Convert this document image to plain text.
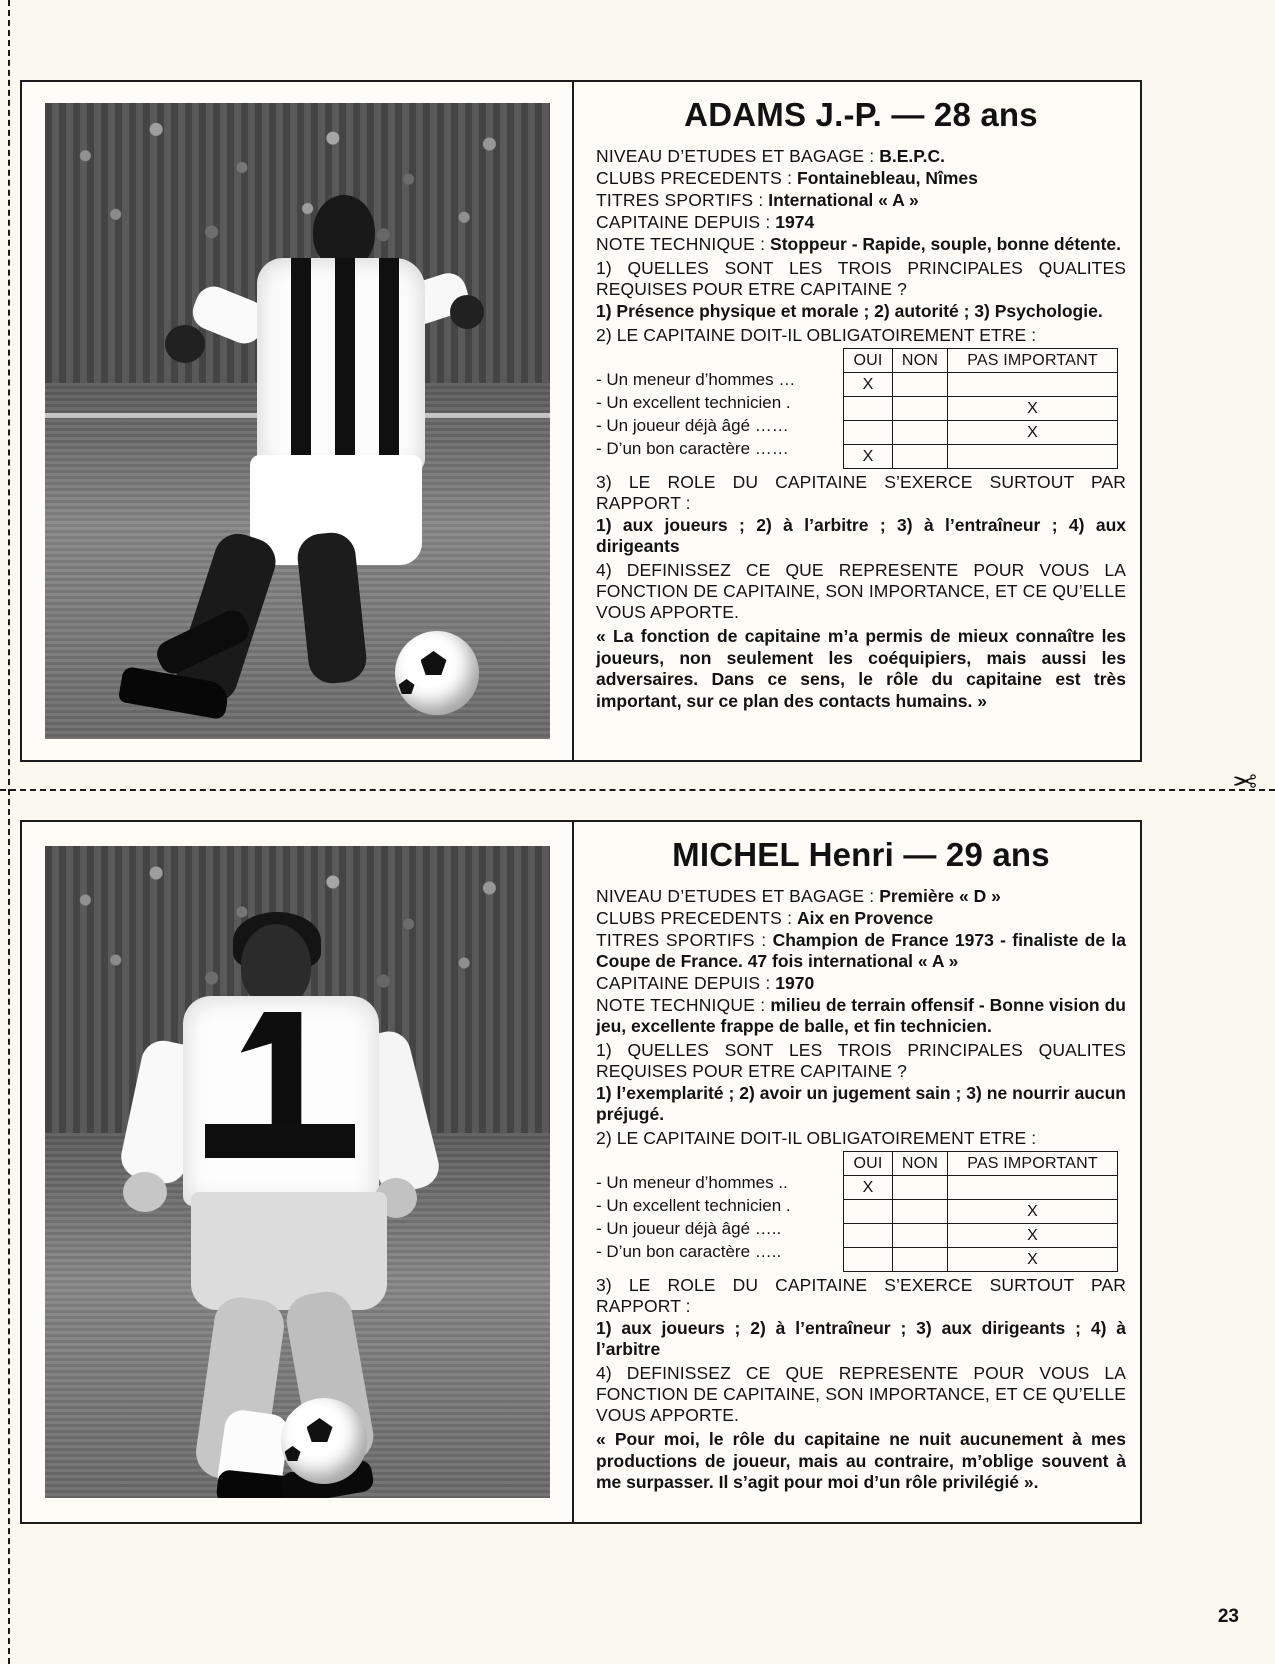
✂
ADAMS J.-P. — 28 ans

NIVEAU D’ETUDES ET BAGAGE : B.E.P.C.

CLUBS PRECEDENTS : Fontainebleau, Nîmes

TITRES SPORTIFS : International « A »

CAPITAINE DEPUIS : 1974

NOTE TECHNIQUE : Stoppeur - Rapide, souple, bonne détente.

1) QUELLES SONT LES TROIS PRINCIPALES QUALITES REQUISES POUR ETRE CAPITAINE ?

1) Présence physique et morale ; 2) autorité ; 3) Psychologie.

2) LE CAPITAINE DOIT-IL OBLIGATOIREMENT ETRE :

- Un meneur d’hommes …
- Un excellent technicien .
- Un joueur déjà âgé ……
- D’un bon caractère ……
OUI	NON	PAS IMPORTANT
X		
		X
		X
X		

3) LE ROLE DU CAPITAINE S’EXERCE SURTOUT PAR RAPPORT :

1) aux joueurs ; 2) à l’arbitre ; 3) à l’entraîneur ; 4) aux dirigeants

4) DEFINISSEZ CE QUE REPRESENTE POUR VOUS LA FONCTION DE CAPITAINE, SON IMPORTANCE, ET CE QU’ELLE VOUS APPORTE.

« La fonction de capitaine m’a permis de mieux connaître les joueurs, non seulement les coéquipiers, mais aussi les adversaires. Dans ce sens, le rôle du capitaine est très important, sur ce plan des contacts humains. »

MICHEL Henri — 29 ans

NIVEAU D’ETUDES ET BAGAGE : Première « D »

CLUBS PRECEDENTS : Aix en Provence

TITRES SPORTIFS : Champion de France 1973 - finaliste de la Coupe de France. 47 fois international « A »

CAPITAINE DEPUIS : 1970

NOTE TECHNIQUE : milieu de terrain offensif - Bonne vision du jeu, excellente frappe de balle, et fin technicien.

1) QUELLES SONT LES TROIS PRINCIPALES QUALITES REQUISES POUR ETRE CAPITAINE ?

1) l’exemplarité ; 2) avoir un jugement sain ; 3) ne nourrir aucun préjugé.

2) LE CAPITAINE DOIT-IL OBLIGATOIREMENT ETRE :

- Un meneur d’hommes ..
- Un excellent technicien .
- Un joueur déjà âgé …..
- D’un bon caractère …..
OUI	NON	PAS IMPORTANT
X		
		X
		X
		X

3) LE ROLE DU CAPITAINE S’EXERCE SURTOUT PAR RAPPORT :

1) aux joueurs ; 2) à l’entraîneur ; 3) aux dirigeants ; 4) à l’arbitre

4) DEFINISSEZ CE QUE REPRESENTE POUR VOUS LA FONCTION DE CAPITAINE, SON IMPORTANCE, ET CE QU’ELLE VOUS APPORTE.

« Pour moi, le rôle du capitaine ne nuit aucunement à mes productions de joueur, mais au contraire, m’oblige souvent à me surpasser. Il s’agit pour moi d’un rôle privilégié ».

23
